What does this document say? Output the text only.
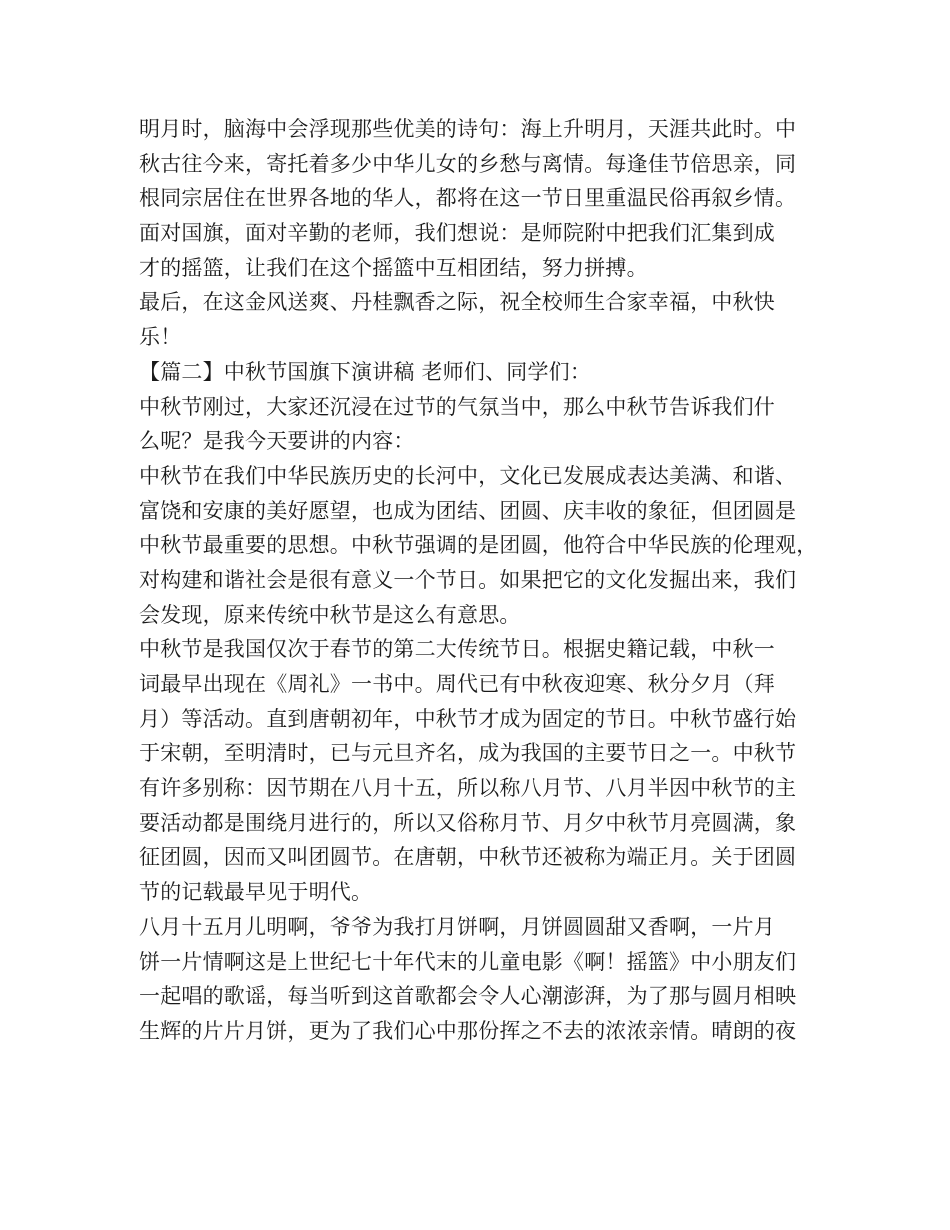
明月时，脑海中会浮现那些优美的诗句：海上升明月，天涯共此时。中
秋古往今来，寄托着多少中华儿女的乡愁与离情。每逢佳节倍思亲，同
根同宗居住在世界各地的华人，都将在这一节日里重温民俗再叙乡情。
面对国旗，面对辛勤的老师，我们想说：是师院附中把我们汇集到成
才的摇篮，让我们在这个摇篮中互相团结，努力拼搏。
最后，在这金风送爽、丹桂飘香之际，祝全校师生合家幸福，中秋快
乐！
【篇二】中秋节国旗下演讲稿 老师们、同学们：
中秋节刚过，大家还沉浸在过节的气氛当中，那么中秋节告诉我们什
么呢？是我今天要讲的内容：
中秋节在我们中华民族历史的长河中，文化已发展成表达美满、和谐、
富饶和安康的美好愿望，也成为团结、团圆、庆丰收的象征，但团圆是
中秋节最重要的思想。中秋节强调的是团圆，他符合中华民族的伦理观，
对构建和谐社会是很有意义一个节日。如果把它的文化发掘出来，我们
会发现，原来传统中秋节是这么有意思。
中秋节是我国仅次于春节的第二大传统节日。根据史籍记载，中秋一
词最早出现在《周礼》一书中。周代已有中秋夜迎寒、秋分夕月（拜
月）等活动。直到唐朝初年，中秋节才成为固定的节日。中秋节盛行始
于宋朝，至明清时，已与元旦齐名，成为我国的主要节日之一。中秋节
有许多别称：因节期在八月十五，所以称八月节、八月半因中秋节的主
要活动都是围绕月进行的，所以又俗称月节、月夕中秋节月亮圆满，象
征团圆，因而又叫团圆节。在唐朝，中秋节还被称为端正月。关于团圆
节的记载最早见于明代。
八月十五月儿明啊，爷爷为我打月饼啊，月饼圆圆甜又香啊，一片月
饼一片情啊这是上世纪七十年代末的儿童电影《啊！摇篮》中小朋友们
一起唱的歌谣，每当听到这首歌都会令人心潮澎湃，为了那与圆月相映
生辉的片片月饼，更为了我们心中那份挥之不去的浓浓亲情。晴朗的夜
